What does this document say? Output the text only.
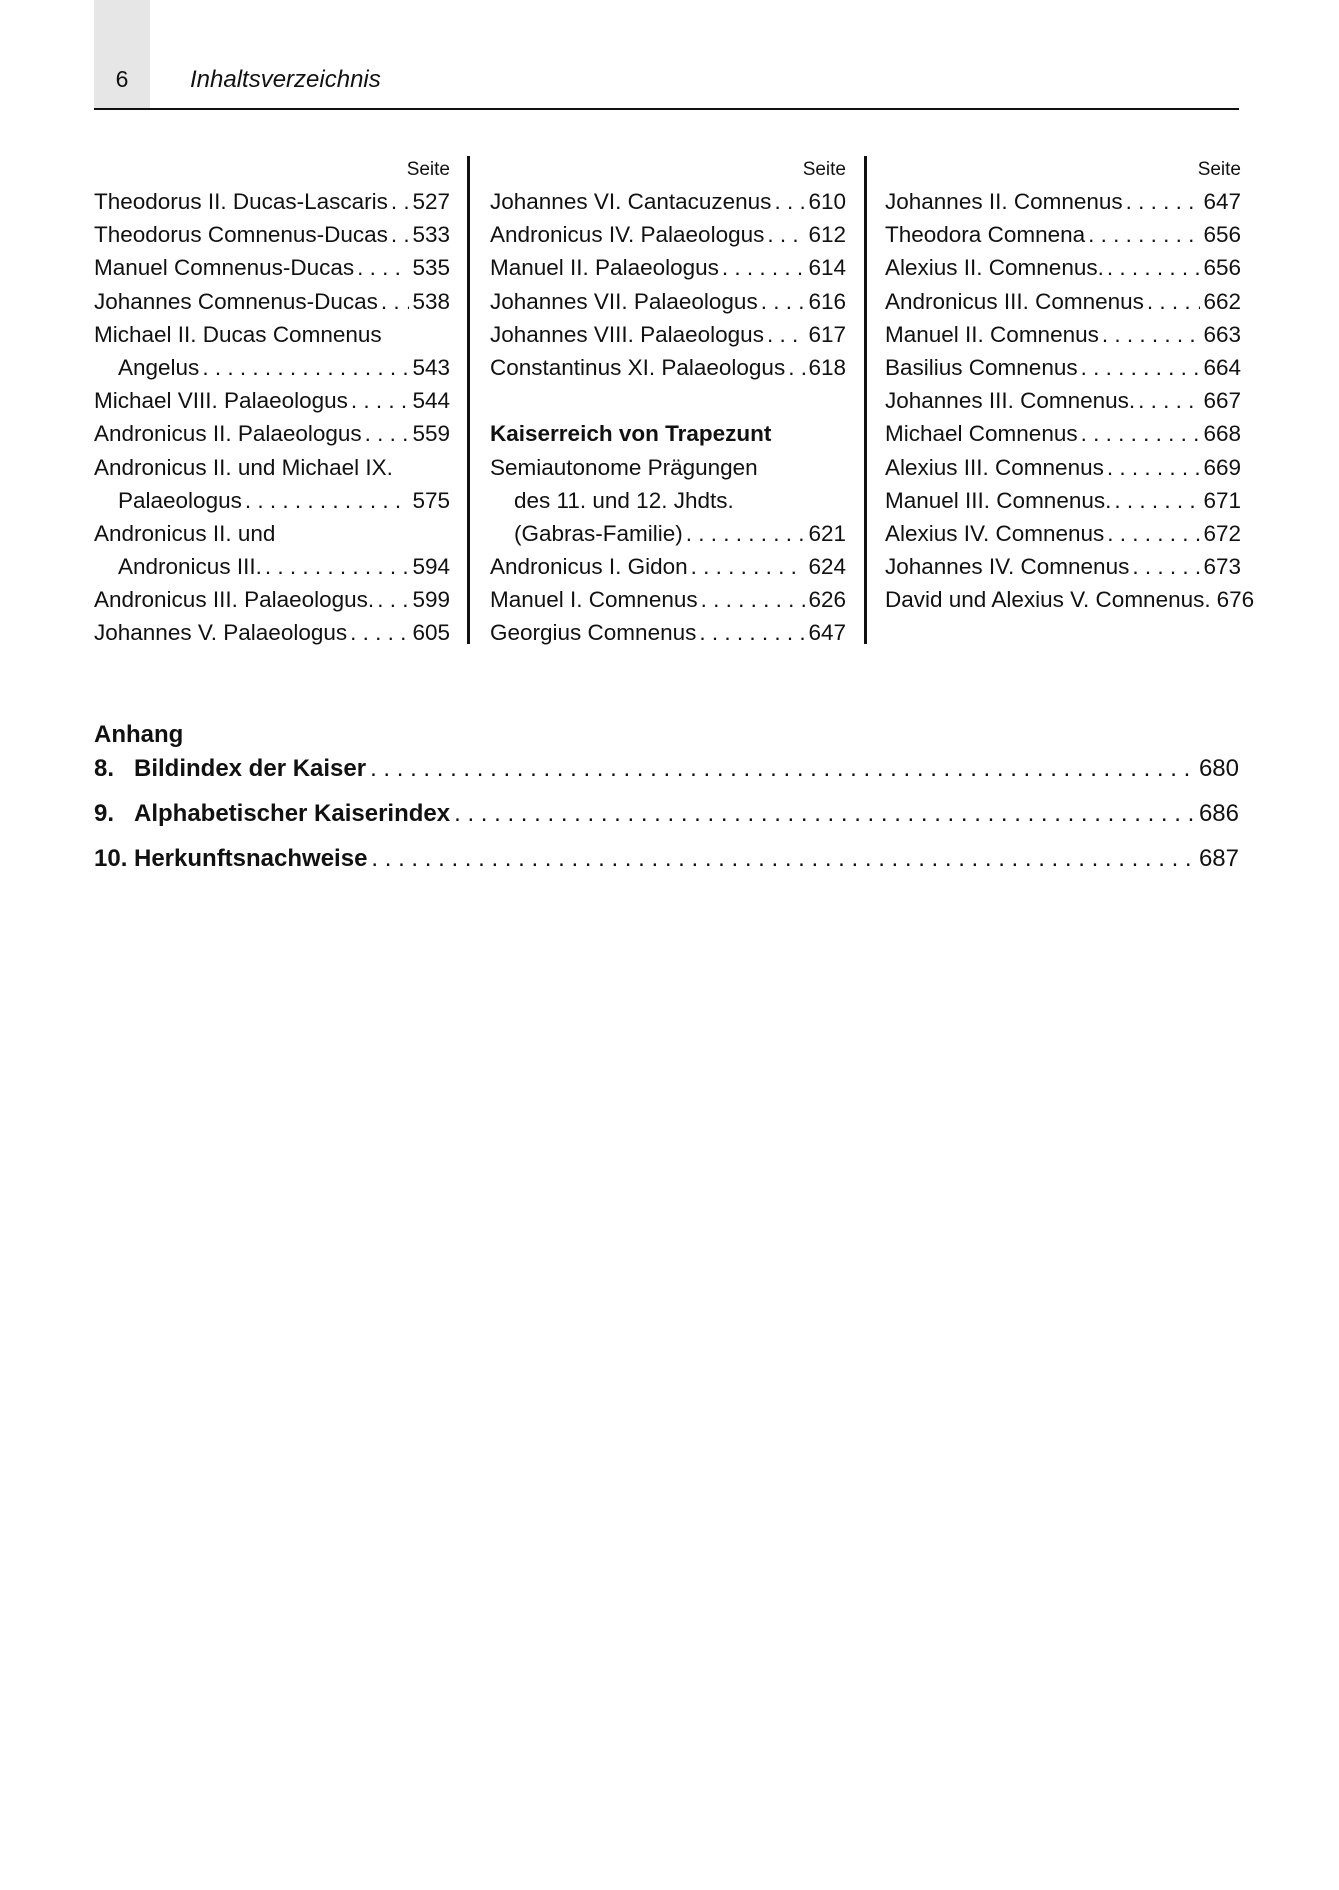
6	Inhaltsverzeichnis
Seite
Theodorus II. Ducas-Lascaris . . . 527
Theodorus Comnenus-Ducas . . . 533
Manuel Comnenus-Ducas . . .	535
Johannes Comnenus-Ducas . . . 538
Michael II. Ducas Comnenus
Angelus . . .	543
Michael VIII. Palaeologus . . .	544
Andronicus II. Palaeologus . . . 559
Andronicus II. und Michael IX.
Palaeologus . . .	575
Andronicus II. und
Andronicus III. . . .	594
Andronicus III. Palaeologus. . . . 599
Johannes V. Palaeologus . . .	605
Seite
Johannes VI. Cantacuzenus . . . 610
Andronicus IV. Palaeologus . . . 612
Manuel II. Palaeologus . . .	614
Johannes VII. Palaeologus . . . 616
Johannes VIII. Palaeologus . . . 617
Constantinus XI. Palaeologus . . . 618
Kaiserreich von Trapezunt
Semiautonome Prägungen
des 11. und 12. Jhdts.
(Gabras-Familie) . . .	621
Andronicus I. Gidon . . .	624
Manuel I. Comnenus . . .	626
Georgius Comnenus . . .	647
Seite
Johannes II. Comnenus . . .	647
Theodora Comnena . . .	656
Alexius II. Comnenus. . . .	656
Andronicus III. Comnenus . . .	662
Manuel II. Comnenus . . .	663
Basilius Comnenus . . .	664
Johannes III. Comnenus. . . .	667
Michael Comnenus . . .	668
Alexius III. Comnenus . . .	669
Manuel III. Comnenus. . . .	671
Alexius IV. Comnenus . . .	672
Johannes IV. Comnenus . . .	673
David und Alexius V. Comnenus. 676
Anhang
8. Bildindex der Kaiser . . .	680
9. Alphabetischer Kaiserindex . . .	686
10. Herkunftsnachweise . . .	687
